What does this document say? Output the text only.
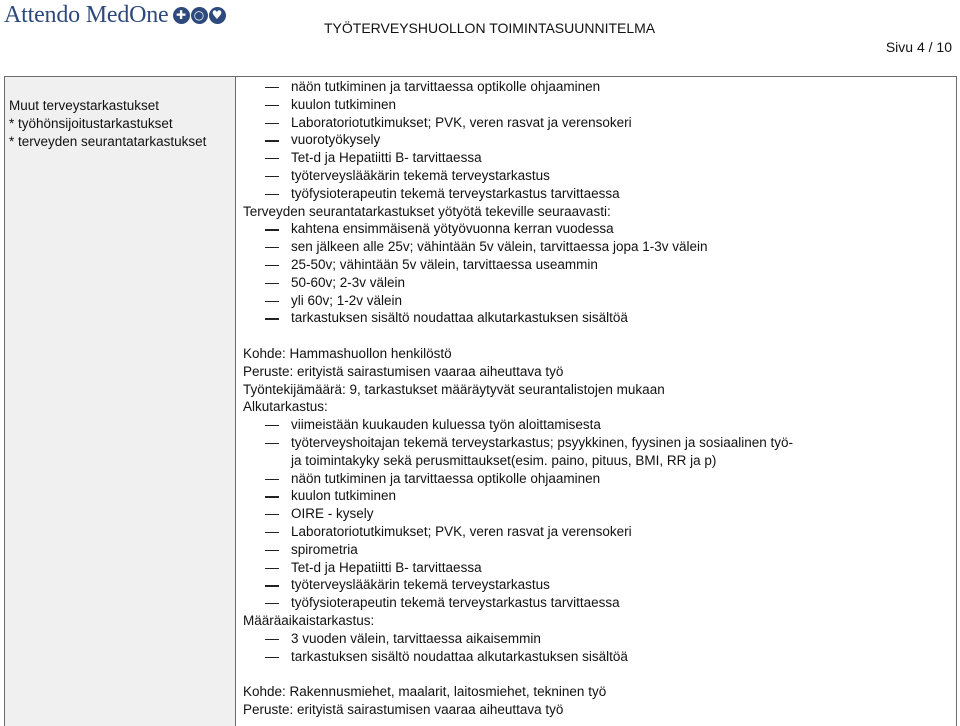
Attendo MedOne ✚ ○ ♥
TYÖTERVEYSHUOLLON TOIMINTASUUNNITELMA
Sivu 4 / 10
Muut terveystarkastukset
* työhönsijoitustarkastukset
* terveyden seurantatarkastukset
näön tutkiminen ja tarvittaessa optikolle ohjaaminen
kuulon tutkiminen
Laboratoriotutkimukset; PVK, veren rasvat ja verensokeri
vuorotyökysely
Tet-d ja Hepatiitti B- tarvittaessa
työterveyslääkärin tekemä terveystarkastus
työfysioterapeutin tekemä terveystarkastus tarvittaessa
Terveyden seurantatarkastukset yötyötä tekeville seuraavasti:
kahtena ensimmäisenä yötyövuonna kerran vuodessa
sen jälkeen alle 25v; vähintään 5v välein, tarvittaessa jopa 1-3v välein
25-50v; vähintään 5v välein, tarvittaessa useammin
50-60v; 2-3v välein
yli 60v; 1-2v välein
tarkastuksen sisältö noudattaa alkutarkastuksen sisältöä
Kohde: Hammashuollon henkilöstö
Peruste: erityistä sairastumisen vaaraa aiheuttava työ
Työntekijämäärä: 9, tarkastukset määräytyvät seurantalistojen mukaan
Alkutarkastus:
viimeistään kuukauden kuluessa työn aloittamisesta
työterveyshoitajan tekemä terveystarkastus; psyykkinen, fyysinen ja sosiaalinen työ-
ja toimintakyky sekä perusmittaukset(esim. paino, pituus, BMI, RR ja p)
näön tutkiminen ja tarvittaessa optikolle ohjaaminen
kuulon tutkiminen
OIRE - kysely
Laboratoriotutkimukset; PVK, veren rasvat ja verensokeri
spirometria
Tet-d ja Hepatiitti B- tarvittaessa
työterveyslääkärin tekemä terveystarkastus
työfysioterapeutin tekemä terveystarkastus tarvittaessa
Määräaikaistarkastus:
3 vuoden välein, tarvittaessa aikaisemmin
tarkastuksen sisältö noudattaa alkutarkastuksen sisältöä
Kohde: Rakennusmiehet, maalarit, laitosmiehet, tekninen työ
Peruste: erityistä sairastumisen vaaraa aiheuttava työ
